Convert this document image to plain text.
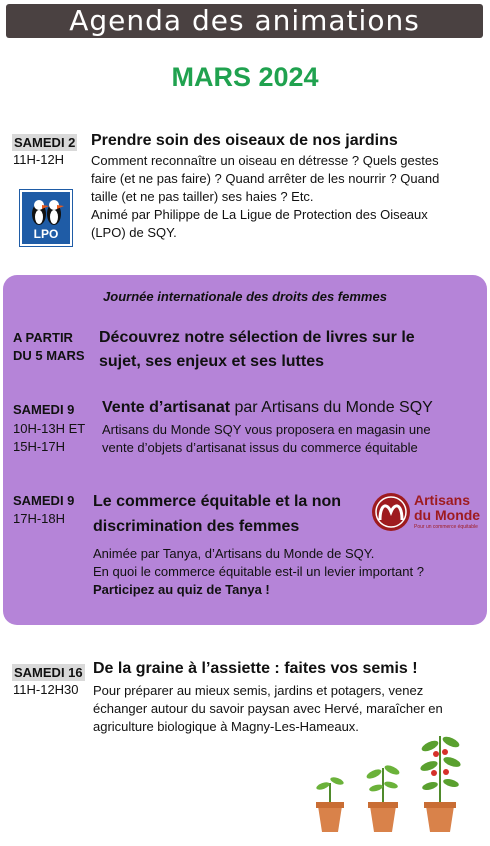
Agenda des animations
MARS 2024
SAMEDI 2
11H-12H
Prendre soin des oiseaux de nos jardins
Comment reconnaître un oiseau en détresse ? Quels gestes
faire (et ne pas faire) ? Quand arrêter de les nourrir ? Quand
taille (et ne pas tailler) ses haies ? Etc.
Animé par Philippe de La Ligue de Protection des Oiseaux
(LPO) de SQY.
LPO
Journée internationale des droits des femmes
A PARTIR
DU 5 MARS
Découvrez notre sélection de livres sur le
sujet, ses enjeux et ses luttes
SAMEDI 9
10H-13H ET
15H-17H
Vente d’artisanat par Artisans du Monde SQY
Artisans du Monde SQY vous proposera en magasin une
vente d’objets d’artisanat issus du commerce équitable
SAMEDI 9
17H-18H
Le commerce équitable et la non
discrimination des femmes
Animée par Tanya, d’Artisans du Monde de SQY.
En quoi le commerce équitable est-il un levier important ?
Participez au quiz de Tanya !
Artisans
du Monde
Pour un commerce équitable
SAMEDI 16
11H-12H30
De la graine à l’assiette : faites vos semis !
Pour préparer au mieux semis, jardins et potagers, venez
échanger autour du savoir paysan avec Hervé, maraîcher en
agriculture biologique à Magny-Les-Hameaux.
